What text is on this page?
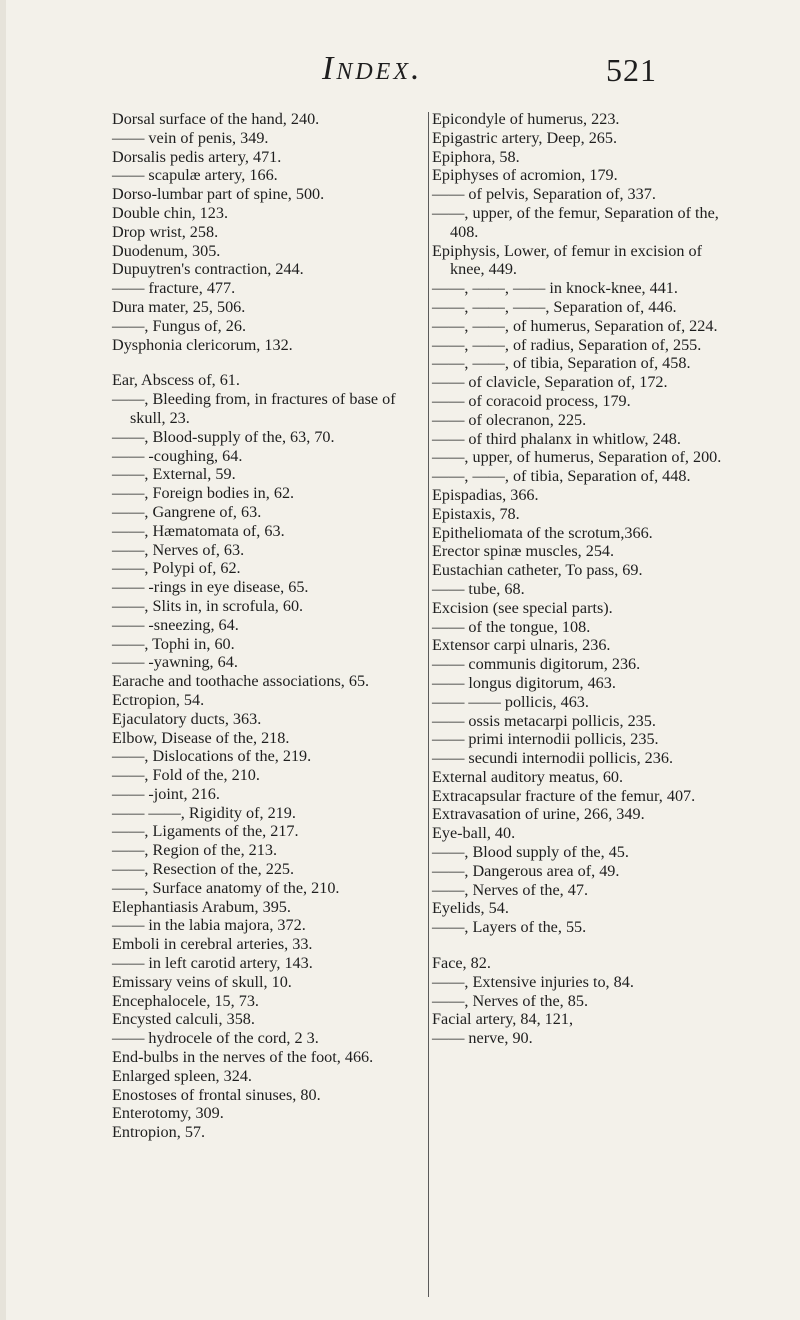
Index.	521
Dorsal surface of the hand, 240.
—— vein of penis, 349.
Dorsalis pedis artery, 471.
—— scapulæ artery, 166.
Dorso-lumbar part of spine, 500.
Double chin, 123.
Drop wrist, 258.
Duodenum, 305.
Dupuytren's contraction, 244.
—— fracture, 477.
Dura mater, 25, 506.
——, Fungus of, 26.
Dysphonia clericorum, 132.
Ear, Abscess of, 61.
——, Bleeding from, in fractures of base of skull, 23.
——, Blood-supply of the, 63, 70.
—— -coughing, 64.
——, External, 59.
——, Foreign bodies in, 62.
——, Gangrene of, 63.
——, Hæmatomata of, 63.
——, Nerves of, 63.
——, Polypi of, 62.
—— -rings in eye disease, 65.
——, Slits in, in scrofula, 60.
—— -sneezing, 64.
——, Tophi in, 60.
—— -yawning, 64.
Earache and toothache associations, 65.
Ectropion, 54.
Ejaculatory ducts, 363.
Elbow, Disease of the, 218.
——, Dislocations of the, 219.
——, Fold of the, 210.
—— -joint, 216.
—— ——, Rigidity of, 219.
——, Ligaments of the, 217.
——, Region of the, 213.
——, Resection of the, 225.
——, Surface anatomy of the, 210.
Elephantiasis Arabum, 395.
—— in the labia majora, 372.
Emboli in cerebral arteries, 33.
—— in left carotid artery, 143.
Emissary veins of skull, 10.
Encephalocele, 15, 73.
Encysted calculi, 358.
—— hydrocele of the cord, 2 3.
End-bulbs in the nerves of the foot, 466.
Enlarged spleen, 324.
Enostoses of frontal sinuses, 80.
Enterotomy, 309.
Entropion, 57.
Epicondyle of humerus, 223.
Epigastric artery, Deep, 265.
Epiphora, 58.
Epiphyses of acromion, 179.
—— of pelvis, Separation of, 337.
——, upper, of the femur, Separation of the, 408.
Epiphysis, Lower, of femur in excision of knee, 449.
——, ——, —— in knock-knee, 441.
——, ——, ——, Separation of, 446.
——, ——, of humerus, Separation of, 224.
——, ——, of radius, Separation of, 255.
——, ——, of tibia, Separation of, 458.
—— of clavicle, Separation of, 172.
—— of coracoid process, 179.
—— of olecranon, 225.
—— of third phalanx in whitlow, 248.
——, upper, of humerus, Separation of, 200.
——, ——, of tibia, Separation of, 448.
Epispadias, 366.
Epistaxis, 78.
Epitheliomata of the scrotum,366.
Erector spinæ muscles, 254.
Eustachian catheter, To pass, 69.
—— tube, 68.
Excision (see special parts).
—— of the tongue, 108.
Extensor carpi ulnaris, 236.
—— communis digitorum, 236.
—— longus digitorum, 463.
—— —— pollicis, 463.
—— ossis metacarpi pollicis, 235.
—— primi internodii pollicis, 235.
—— secundi internodii pollicis, 236.
External auditory meatus, 60.
Extracapsular fracture of the femur, 407.
Extravasation of urine, 266, 349.
Eye-ball, 40.
——, Blood supply of the, 45.
——, Dangerous area of, 49.
——, Nerves of the, 47.
Eyelids, 54.
——, Layers of the, 55.
Face, 82.
——, Extensive injuries to, 84.
——, Nerves of the, 85.
Facial artery, 84, 121,
—— nerve, 90.
